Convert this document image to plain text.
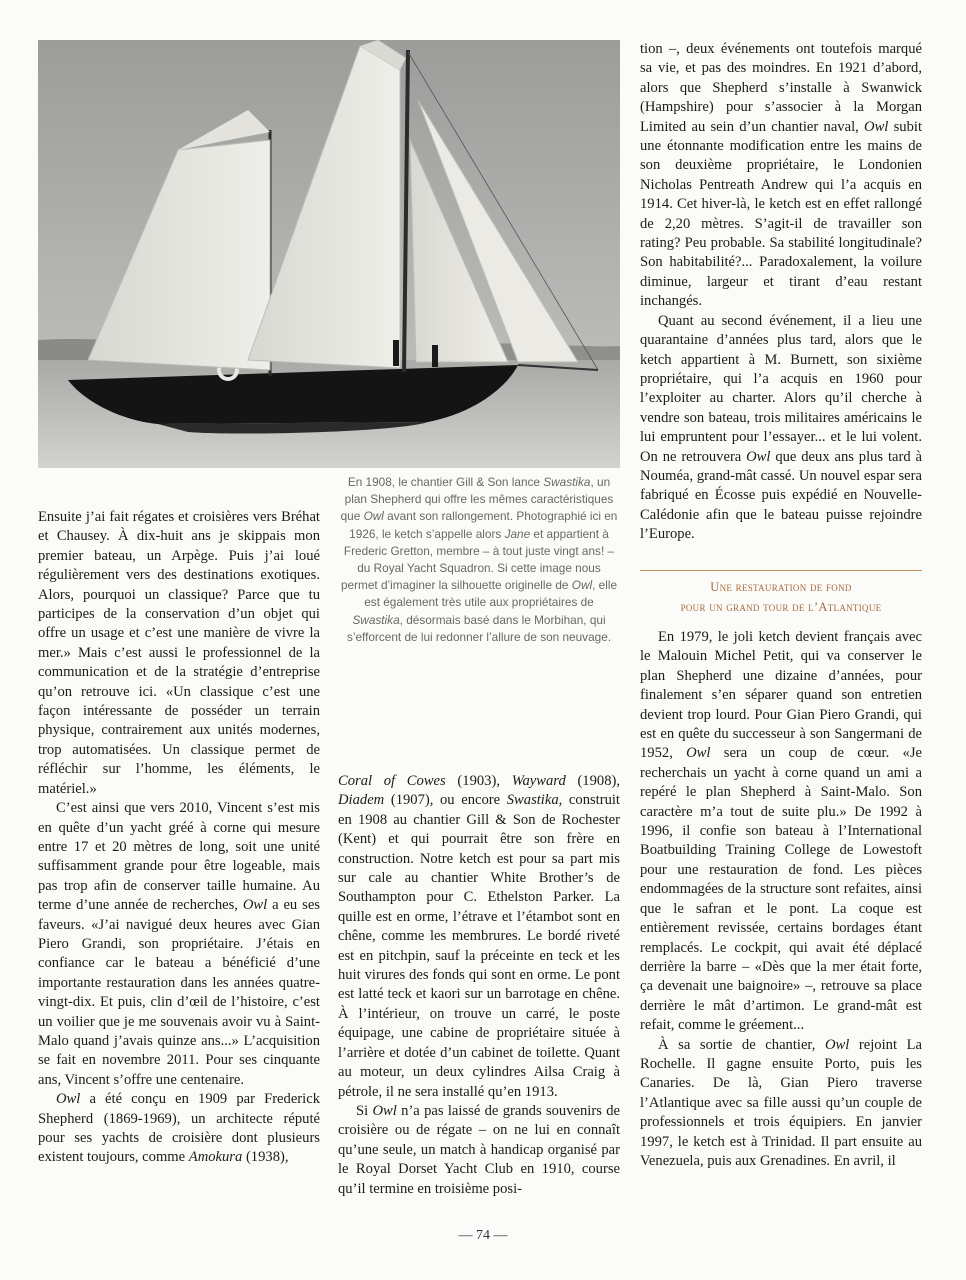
En 1908, le chantier Gill & Son lance Swastika, un plan Shepherd qui offre les mêmes caractéristiques que Owl avant son rallongement. Photographié ici en 1926, le ketch s’appelle alors Jane et appartient à Frederic Gretton, membre – à tout juste vingt ans! – du Royal Yacht Squadron. Si cette image nous permet d’imaginer la silhouette originelle de Owl, elle est également très utile aux propriétaires de Swastika, désormais basé dans le Morbihan, qui s’efforcent de lui redonner l’allure de son neuvage.

Ensuite j’ai fait régates et croisières vers Bréhat et Chausey. À dix-huit ans je skippais mon premier bateau, un Arpège. Puis j’ai loué régulièrement vers des destinations exotiques. Alors, pourquoi un classique? Parce que tu participes de la conservation d’un objet qui offre un usage et c’est une manière de vivre la mer.» Mais c’est aussi le professionnel de la communication et de la stratégie d’entreprise qu’on retrouve ici. «Un classique c’est une façon intéressante de posséder un terrain physique, contrairement aux unités modernes, trop automatisées. Un classique permet de réfléchir sur l’homme, les éléments, le matériel.»

C’est ainsi que vers 2010, Vincent s’est mis en quête d’un yacht gréé à corne qui mesure entre 17 et 20 mètres de long, soit une unité suffisamment grande pour être logeable, mais pas trop afin de conserver taille humaine. Au terme d’une année de recherches, Owl a eu ses faveurs. «J’ai navigué deux heures avec Gian Piero Grandi, son propriétaire. J’étais en confiance car le bateau a bénéficié d’une importante restauration dans les années quatre-vingt-dix. Et puis, clin d’œil de l’histoire, c’est un voilier que je me souvenais avoir vu à Saint-Malo quand j’avais quinze ans...» L’acquisition se fait en novembre 2011. Pour ses cinquante ans, Vincent s’offre une centenaire.

Owl a été conçu en 1909 par Frederick Shepherd (1869-1969), un architecte réputé pour ses yachts de croisière dont plusieurs existent toujours, comme Amokura (1938),

Coral of Cowes (1903), Wayward (1908), Diadem (1907), ou encore Swastika, construit en 1908 au chantier Gill & Son de Rochester (Kent) et qui pourrait être son frère en construction. Notre ketch est pour sa part mis sur cale au chantier White Brother’s de Southampton pour C. Ethelston Parker. La quille est en orme, l’étrave et l’étambot sont en chêne, comme les membrures. Le bordé riveté est en pitchpin, sauf la préceinte en teck et les huit virures des fonds qui sont en orme. Le pont est latté teck et kaori sur un barrotage en chêne. À l’intérieur, on trouve un carré, le poste équipage, une cabine de propriétaire située à l’arrière et dotée d’un cabinet de toilette. Quant au moteur, un deux cylindres Ailsa Craig à pétrole, il ne sera installé qu’en 1913.

Si Owl n’a pas laissé de grands souvenirs de croisière ou de régate – on ne lui en connaît qu’une seule, un match à handicap organisé par le Royal Dorset Yacht Club en 1910, course qu’il termine en troisième posi-

tion –, deux événements ont toutefois marqué sa vie, et pas des moindres. En 1921 d’abord, alors que Shepherd s’installe à Swanwick (Hampshire) pour s’associer à la Morgan Limited au sein d’un chantier naval, Owl subit une étonnante modification entre les mains de son deuxième propriétaire, le Londonien Nicholas Pentreath Andrew qui l’a acquis en 1914. Cet hiver-là, le ketch est en effet rallongé de 2,20 mètres. S’agit-il de travailler son rating? Peu probable. Sa stabilité longitudinale? Son habitabilité?... Paradoxalement, la voilure diminue, largeur et tirant d’eau restant inchangés.

Quant au second événement, il a lieu une quarantaine d’années plus tard, alors que le ketch appartient à M. Burnett, son sixième propriétaire, qui l’a acquis en 1960 pour l’exploiter au charter. Alors qu’il cherche à vendre son bateau, trois militaires américains le lui empruntent pour l’essayer... et le lui volent. On ne retrouvera Owl que deux ans plus tard à Nouméa, grand-mât cassé. Un nouvel espar sera fabriqué en Écosse puis expédié en Nouvelle-Calédonie afin que le bateau puisse rejoindre l’Europe.

Une restauration de fond
pour un grand tour de l’Atlantique

En 1979, le joli ketch devient français avec le Malouin Michel Petit, qui va conserver le plan Shepherd une dizaine d’années, pour finalement s’en séparer quand son entretien devient trop lourd. Pour Gian Piero Grandi, qui est en quête du successeur à son Sangermani de 1952, Owl sera un coup de cœur. «Je recherchais un yacht à corne quand un ami a repéré le plan Shepherd à Saint-Malo. Son caractère m’a tout de suite plu.» De 1992 à 1996, il confie son bateau à l’International Boatbuilding Training College de Lowestoft pour une restauration de fond. Les pièces endommagées de la structure sont refaites, ainsi que le safran et le pont. La coque est entièrement revissée, certains bordages étant remplacés. Le cockpit, qui avait été déplacé derrière la barre – «Dès que la mer était forte, ça devenait une baignoire» –, retrouve sa place derrière le mât d’artimon. Le grand-mât est refait, comme le gréement...

À sa sortie de chantier, Owl rejoint La Rochelle. Il gagne ensuite Porto, puis les Canaries. De là, Gian Piero traverse l’Atlantique avec sa fille aussi qu’un couple de professionnels et trois équipiers. En janvier 1997, le ketch est à Trinidad. Il part ensuite au Venezuela, puis aux Grenadines. En avril, il

— 74 —
